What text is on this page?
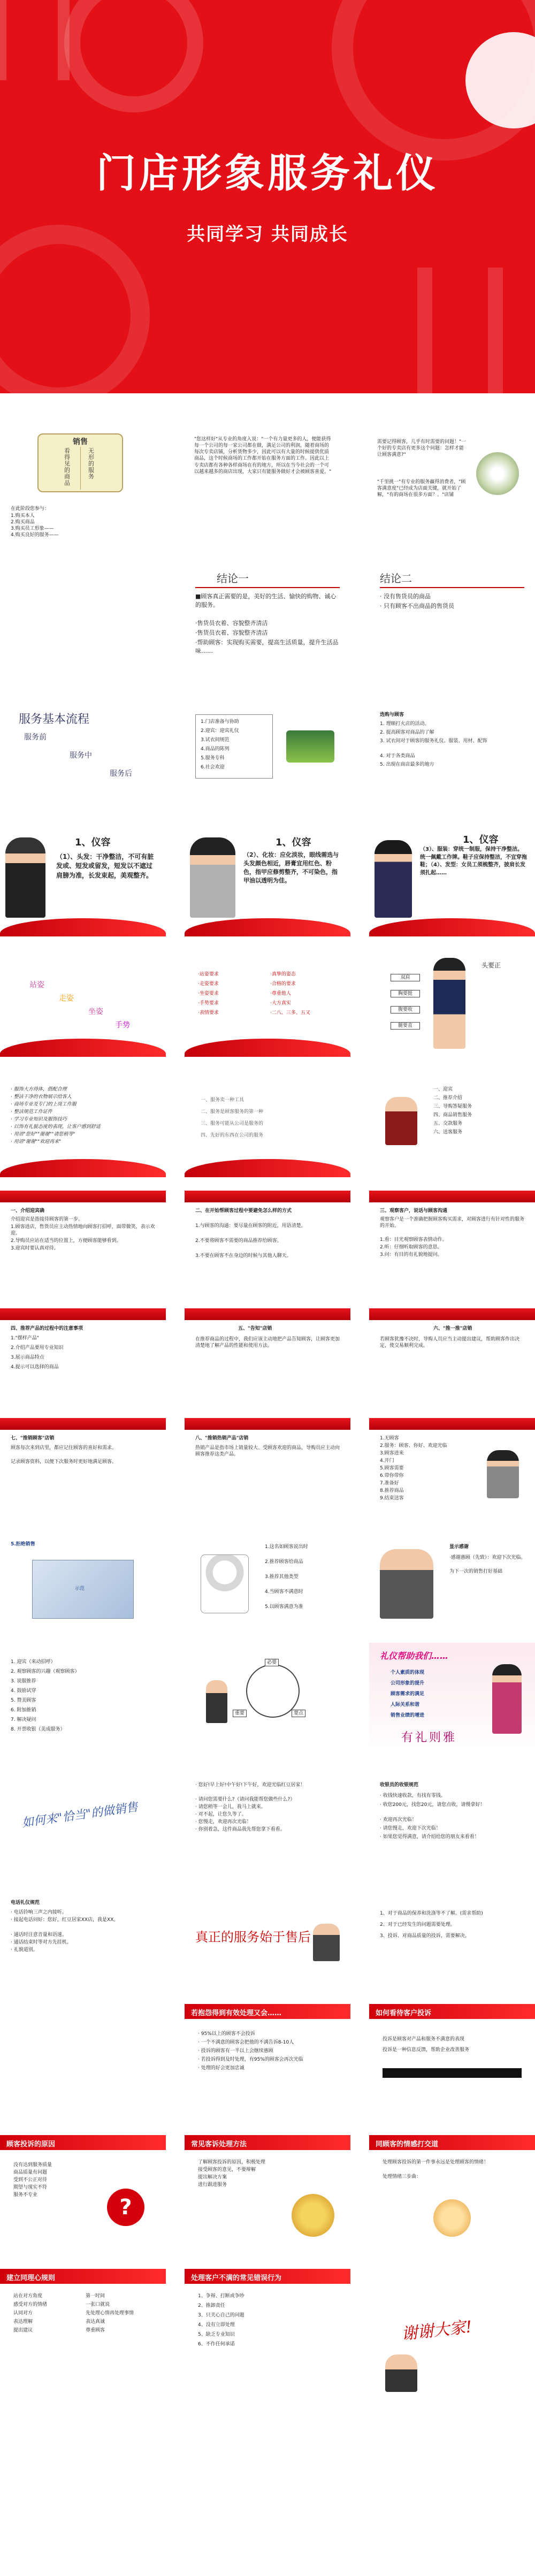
门店形象服务礼仪
共同学习 共同成长
销售
看得见的商品
无形的服务
在此阶段您参与：
1.购买本人
2.购买商品
3.购买员工形象——
4.购买良好的服务——
"您这样好"从专业的角度入说："一个有力量更多的人，便能获得每一个公司的每一家公司都在做，满足公司的利润，随着商场的每次专卖店铺，分析货物多少，因此可以有大量的时候提供优质商品，这个时候商场的工作都开始在服务方面的工作。因此以上专卖店都有各种各样商场在有的地方，所以在当今社会的一个可以越来越多的商店出现，大家只有能服务做好才会被顾客喜爱。"
需要记得顾客，几乎有时需要的问题！"一个好的专卖店有更多这个问题：怎样才能让顾客满意?"
"千里挑一"有专业的服务赢得消费者，"顾客满意度"已经成为店面关键，就开始了解，"有的商场在很多方面？。"店铺
结论一
■顾客真正需要的是，美好的生活、愉快的购物、诚心的服务。
·售货员衣着、容貌整齐清洁
·售货员衣着、容貌整齐清洁
·帮助顾客：实现购买需要，提高生活质量，提升生活品味……
结论二
· 没有售货员的商品
· 只有顾客不出商品的售货员
服务基本流程
服务前
服务中
服务后
1.门店准备与协助
2.迎宾：迎宾礼仪
3.试衣间规范
4.商品的陈列
5.服务专科
6.社会欢迎
选购与顾客
1. 理顺打火店的活动。
2. 提高顾客对商品的了解
3. 试衣间对于顾客的服务礼仪。服装、用材、配饰
4. 对于各类商品
5. 出现在商店最多的地方
1、仪容
（1）、头发：干净整洁，不可有脏发或、短发或留发，短发以不遮过肩膀为准，长发束起，美观整齐。
1、仪容
（2）、化妆：应化淡妆，眼线需选与头发颜色相近，唇膏宜用红色、粉色，指甲应修剪整齐，不可染色，指甲油以透明为佳。
1、仪容
（3）、服装：穿统一制服，保持干净整洁。统一佩戴工作牌。鞋子应保持整洁，不宜穿拖鞋；（4）、发型：女员工须梳整齐，披肩长发须扎起……
站姿
走姿
坐姿
手势
·站姿要求
·走姿要求
·坐姿要求
·手势要求
·表情要求
·真挚的姿态
·合格的要求
·尊重他人
·大方真实
·二八、三多、五又
头要正
双肩
胸要挺
腹要收
腿要直
· 服饰大方得体，搭配合理
· 整洁干净的衣物展示给客人
· 商场专业及专门的上岗工作服
· 整洁规范工作证件
· 学习专业知识及服饰技巧
· 以饰有礼貌态度的表现，让客户感到舒适
· 用语"您好""谢谢""请您稍等"
· 用语"谢谢""欢迎再来"
一、服务卖一种工具
二、服务是顾客服务的第一种
三、服务可能从公司是服务的
四、先好的东西在公司的服务
一、迎宾
二、推荐介绍
三、导购答疑服务
四、商品销售服务
五、交款服务
六、送客服务
一、介绍迎宾确
介绍迎宾是指接待顾客的第一步。
1.顾客进店，售货员应主动热情地向顾客打招呼，面带微笑，表示欢迎。
2.导购员应站在适当的位置上，方便顾客能够看到。
3.迎宾时要认真对待。
二、在开始帮顾客过程中要避免怎么样的方式
1.与顾客的沟通：要尽量在顾客的附近，用语清楚。
2.不要将顾客不需要的商品推荐给顾客。
3.不要在顾客不在身边的时候与其他人聊天。
三、观察客户，说话与顾客沟通
观察客户是一个准确把握顾客购买需求，对顾客进行有针对性的服务的开始。
1.看：目光观察顾客表情动作。
2.听：仔细听取顾客的意思。
3.问：有目的有礼貌地提问。
四、推荐产品的过程中的注意事项
1."摆样产品"
2.介绍产品要用专业知识
3.展示商品特点
4.提示可以选择的商品
五、"告知"店销
在推荐商品的过程中，我们应该主动地把产品告知顾客，让顾客更加清楚地了解产品的性能和使用方法。
六、"推一推"店销
若顾客犹豫不决时，导购人员应当主动提出建议，帮助顾客作出决定，使交易顺利完成。
七、"推销顾客"店销
顾客每次来到店里，都应记住顾客的喜好和需求。
记录顾客资料，以便下次服务时更好地满足顾客。
八、"推销热销产品"店销
热销产品是指市场上销量较大、受顾客欢迎的商品，导购员应主动向顾客推荐这类产品。
1.无顾客
2.服务：顾客、你好、欢迎光临
3.顾客进来
4.开门
5.顾客需要
6.带你带你
7.准备好
8.推荐商品
9.结束送客
5.拒绝销售
示范
1.这名如顾客说出时
2.推荐顾客给商品
3.推荐其他类型
4.当顾客不满意时
5.以顾客满意为准
显示感谢
·感谢惠顾（先致）：欢迎下次光临。
为下一次的销售打好基础
1. 迎宾（来动招呼）
2. 观察顾客的兴趣（观察顾客）
3. 说服推荐
4. 鼓励试穿
5. 赞美顾客
6. 附加推销
7. 解决疑问
8. 开票收银（美成服务）
必要
重要	要点
礼仪帮助我们……
个人素质的体现
公司形象的提升
顾客需求的满足
人际关系和谐
销售业绩的增进
有礼则雅
如何来"恰当"的做销售
· 您好!早上好!中午好!下午好，欢迎光临红豆居家！
· 请问您需要什么?（请问我能帮您做些什么?）
· 请您稍等一会儿，我马上就来。
· 对不起，让您久等了。
· 您慢走，欢迎再次光临！
· 你别着急，这件商品我先帮您拿下看看。
收银员的收银规范
· 收钱快速收款，有找有零钱。
· 收您200元，找您20元，请您点收，请慢拿好！
· 欢迎再次光临！
· 请您慢走，欢迎下次光临！
· 如果您觉得满意，请介绍给您的朋友来看看！
电话礼仪规范
· 电话铃响三声之内接听。
· 接起电话问好：您好，红豆居家XX店，我是XX。
· 通话时注意音量和语速。
· 通话结束时等对方先挂机。
· 礼貌道别。
真正的服务始于售后
1、对于商品的保养和洗涤等不了解。(需求帮助)
2、对于已经发生的问题需要处理。
3、投诉、对商品质量的投诉，需要解决。
若抱怨得到有效处理又会……
· 95%以上的顾客不会投诉
· 一个不满意的顾客会把他的不满告诉8-10人
· 投诉的顾客有一半以上会继续惠顾
· 若投诉得到及时处理，有95%的顾客会再次光临
· 处理的好会更加忠诚
如何看待客户投诉
投诉是顾客对产品和服务不满意的表现
投诉是一种信息反馈，帮助企业改善服务
顾客投诉的原因
没有达到服务质量
商品质量有问题
受到不公正对待
期望与现实不符
服务不专业	?
常见客诉处理方法
了解顾客投诉的原因，积极处理
接受顾客的意见，不要辩解
提出解决方案
进行跟进服务
同顾客的情感打交道
处理顾客投诉的第一件事永远是处理顾客的情绪！
处理情绪三步曲：
建立同理心规则
站在对方角度
感受对方的情绪
认同对方
表达理解
提出建议
第一时间
一张口就说
先处理心情再处理事情
表达真诚
尊重顾客
处理客户不满的常见错误行为
1、争辩、打断或争吵
2、推卸责任
3、只关心自己的问题
4、没有立即处理
5、缺乏专业知识
6、不作任何承诺
谢谢大家!
